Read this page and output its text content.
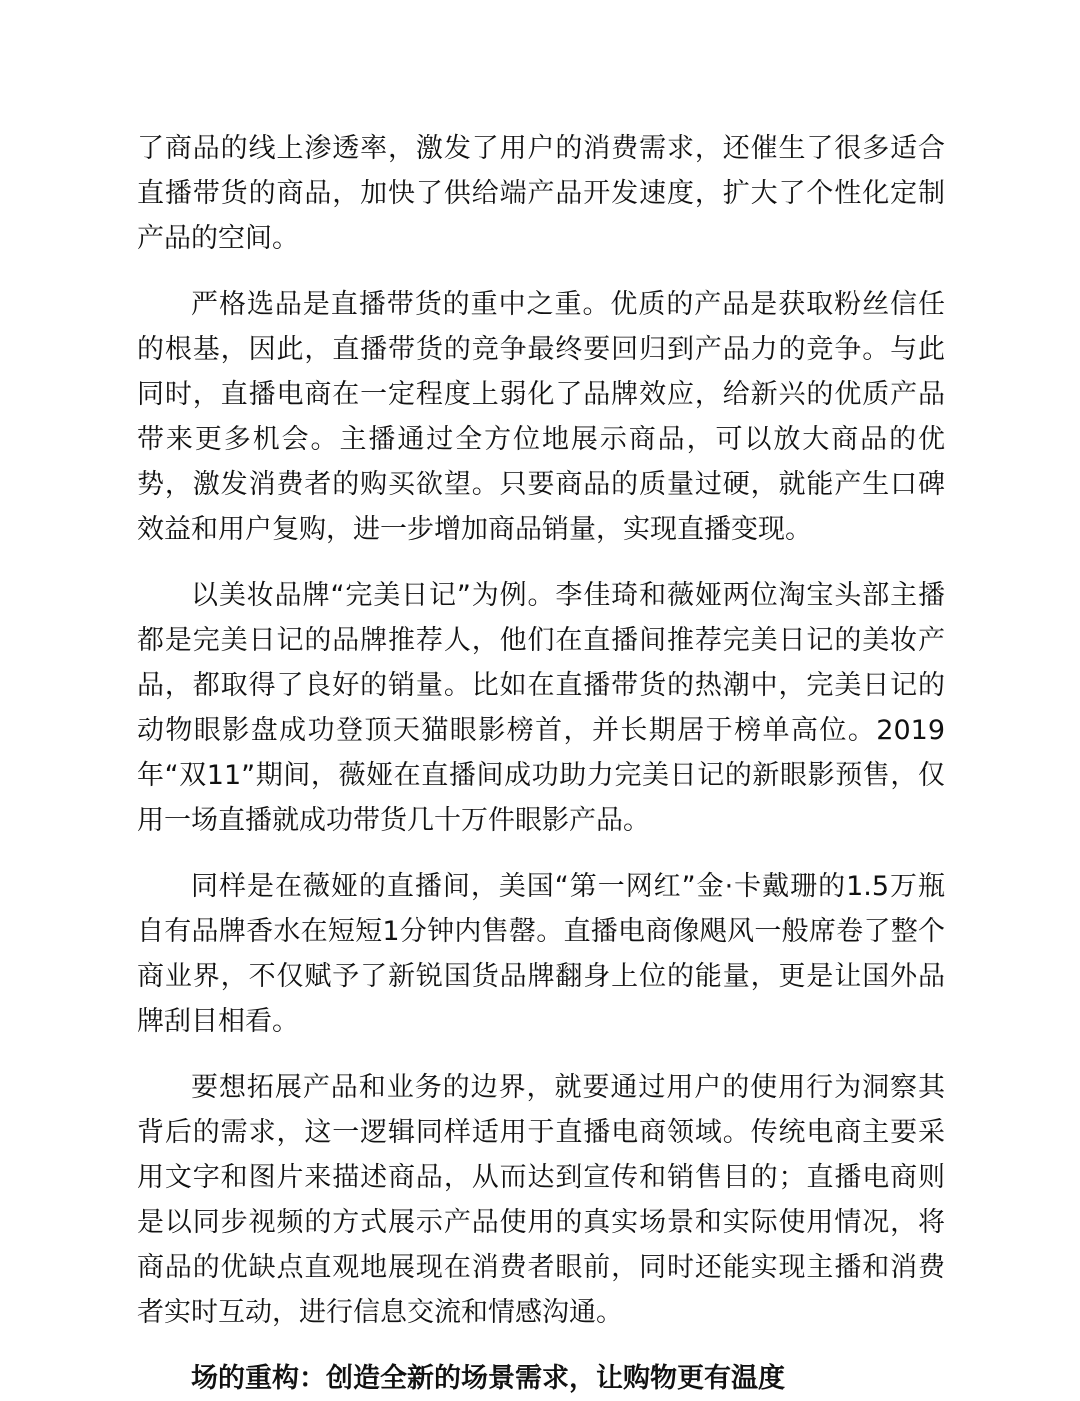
了商品的线上渗透率，激发了用户的消费需求，还催生了很多适合直播带货的商品，加快了供给端产品开发速度，扩大了个性化定制产品的空间。

严格选品是直播带货的重中之重。优质的产品是获取粉丝信任的根基，因此，直播带货的竞争最终要回归到产品力的竞争。与此同时，直播电商在一定程度上弱化了品牌效应，给新兴的优质产品带来更多机会。主播通过全方位地展示商品，可以放大商品的优势，激发消费者的购买欲望。只要商品的质量过硬，就能产生口碑效益和用户复购，进一步增加商品销量，实现直播变现。

以美妆品牌“完美日记”为例。李佳琦和薇娅两位淘宝头部主播都是完美日记的品牌推荐人，他们在直播间推荐完美日记的美妆产品，都取得了良好的销量。比如在直播带货的热潮中，完美日记的动物眼影盘成功登顶天猫眼影榜首，并长期居于榜单高位。2019年“双11”期间，薇娅在直播间成功助力完美日记的新眼影预售，仅用一场直播就成功带货几十万件眼影产品。

同样是在薇娅的直播间，美国“第一网红”金·卡戴珊的1.5万瓶自有品牌香水在短短1分钟内售罄。直播电商像飓风一般席卷了整个商业界，不仅赋予了新锐国货品牌翻身上位的能量，更是让国外品牌刮目相看。

要想拓展产品和业务的边界，就要通过用户的使用行为洞察其背后的需求，这一逻辑同样适用于直播电商领域。传统电商主要采用文字和图片来描述商品，从而达到宣传和销售目的；直播电商则是以同步视频的方式展示产品使用的真实场景和实际使用情况，将商品的优缺点直观地展现在消费者眼前，同时还能实现主播和消费者实时互动，进行信息交流和情感沟通。

场的重构：创造全新的场景需求，让购物更有温度
